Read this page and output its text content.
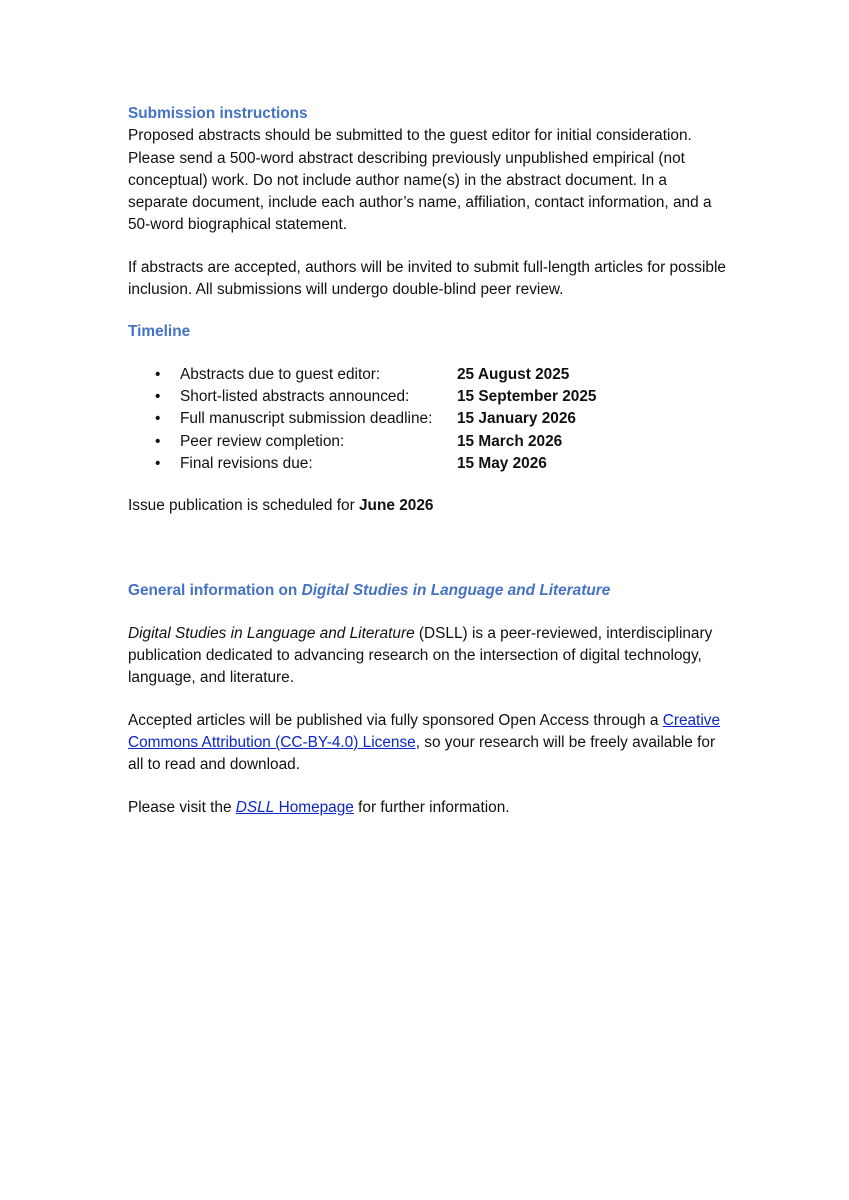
Submission instructions

Proposed abstracts should be submitted to the guest editor for initial consideration. Please send a 500-word abstract describing previously unpublished empirical (not conceptual) work. Do not include author name(s) in the abstract document. In a separate document, include each author’s name, affiliation, contact information, and a 50-word biographical statement.

If abstracts are accepted, authors will be invited to submit full-length articles for possible inclusion. All submissions will undergo double-blind peer review.

Timeline

• Abstracts due to guest editor:	25 August 2025
• Short-listed abstracts announced:	15 September 2025
• Full manuscript submission deadline: 15 January 2026
• Peer review completion:	15 March 2026
• Final revisions due:	15 May 2026

Issue publication is scheduled for June 2026

General information on Digital Studies in Language and Literature

Digital Studies in Language and Literature (DSLL) is a peer-reviewed, interdisciplinary publication dedicated to advancing research on the intersection of digital technology, language, and literature.

Accepted articles will be published via fully sponsored Open Access through a Creative Commons Attribution (CC-BY-4.0) License, so your research will be freely available for all to read and download.

Please visit the DSLL Homepage for further information.
